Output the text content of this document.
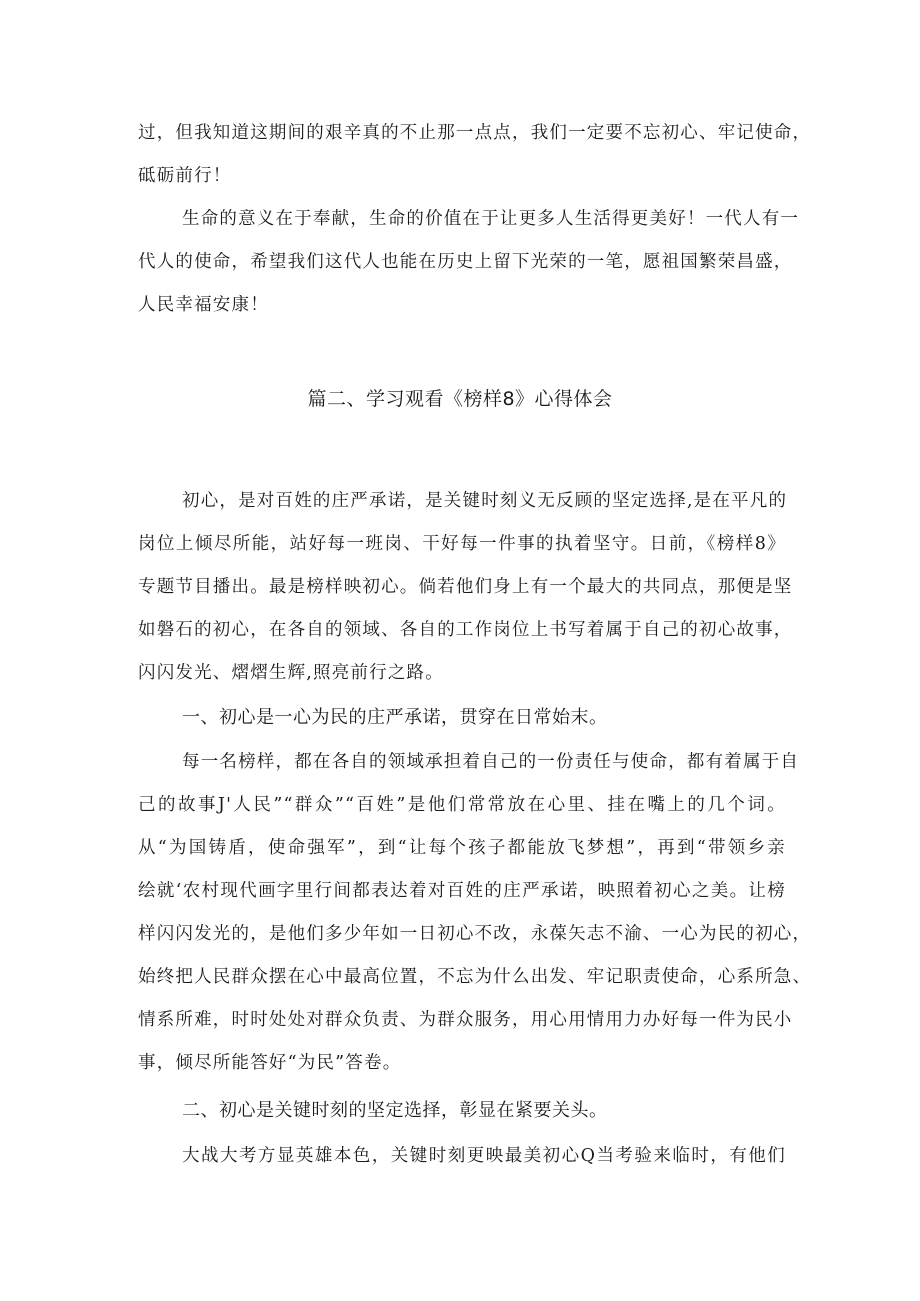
过，但我知道这期间的艰辛真的不止那一点点，我们一定要不忘初心、牢记使命，
砥砺前行！
生命的意义在于奉献，生命的价值在于让更多人生活得更美好！一代人有一
代人的使命，希望我们这代人也能在历史上留下光荣的一笔，愿祖国繁荣昌盛，
人民幸福安康！
篇二、学习观看《榜样8》心得体会
初心，是对百姓的庄严承诺，是关键时刻义无反顾的坚定选择,是在平凡的
岗位上倾尽所能，站好每一班岗、干好每一件事的执着坚守。日前，《榜样8》
专题节目播出。最是榜样映初心。倘若他们身上有一个最大的共同点，那便是坚
如磐石的初心，在各自的领域、各自的工作岗位上书写着属于自己的初心故事，
闪闪发光、熠熠生辉,照亮前行之路。
一、初心是一心为民的庄严承诺，贯穿在日常始末。
每一名榜样，都在各自的领域承担着自己的一份责任与使命，都有着属于自
己的故事J'人民”“群众”“百姓”是他们常常放在心里、挂在嘴上的几个词。
从“为国铸盾，使命强军”，到“让每个孩子都能放飞梦想”，再到“带领乡亲
绘就‘农村现代画字里行间都表达着对百姓的庄严承诺，映照着初心之美。让榜
样闪闪发光的，是他们多少年如一日初心不改，永葆矢志不渝、一心为民的初心，
始终把人民群众摆在心中最高位置，不忘为什么出发、牢记职责使命，心系所急、
情系所难，时时处处对群众负责、为群众服务，用心用情用力办好每一件为民小
事，倾尽所能答好“为民”答卷。
二、初心是关键时刻的坚定选择，彰显在紧要关头。
大战大考方显英雄本色，关键时刻更映最美初心Q当考验来临时，有他们
